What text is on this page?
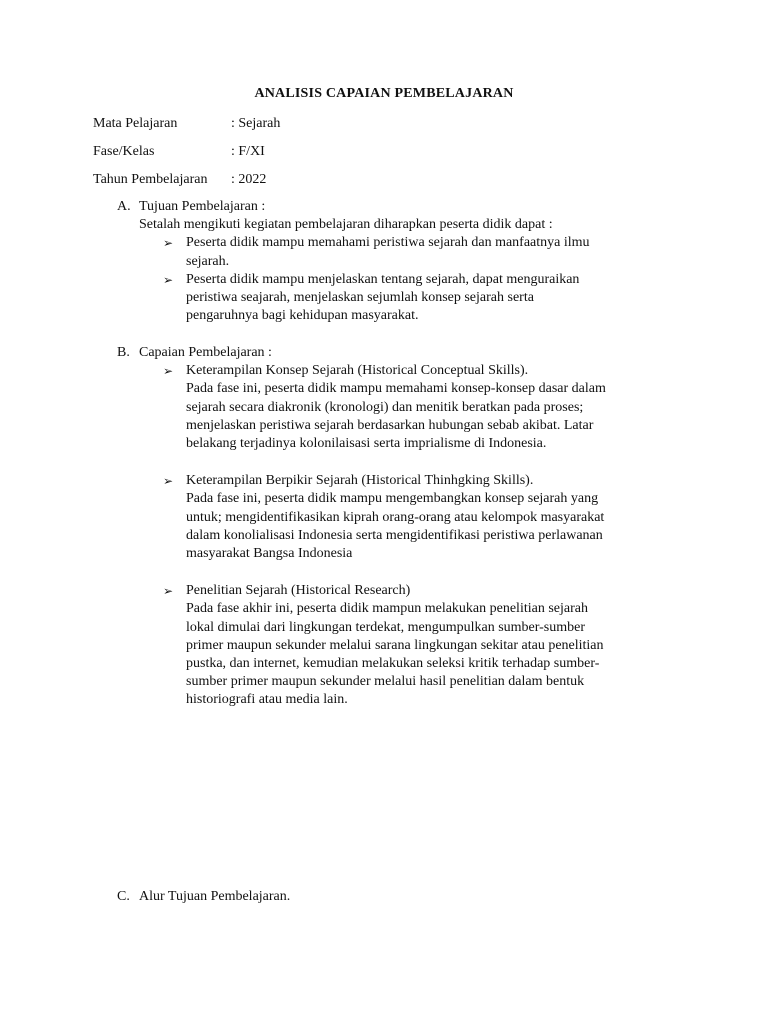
ANALISIS CAPAIAN PEMBELAJARAN
Mata Pelajaran	: Sejarah
Fase/Kelas	: F/XI
Tahun Pembelajaran : 2022
A. Tujuan Pembelajaran :
Setalah mengikuti kegiatan pembelajaran diharapkan peserta didik dapat :
➢ Peserta didik mampu memahami peristiwa sejarah dan manfaatnya ilmu sejarah.
➢ Peserta didik mampu menjelaskan tentang sejarah, dapat menguraikan peristiwa seajarah, menjelaskan sejumlah konsep sejarah serta pengaruhnya bagi kehidupan masyarakat.
B. Capaian Pembelajaran :
➢ Keterampilan Konsep Sejarah (Historical Conceptual Skills).
Pada fase ini, peserta didik mampu memahami konsep-konsep dasar dalam sejarah secara diakronik (kronologi) dan menitik beratkan pada proses; menjelaskan peristiwa sejarah berdasarkan hubungan sebab akibat. Latar belakang terjadinya kolonilaisasi serta imprialisme di Indonesia.
➢ Keterampilan Berpikir Sejarah (Historical Thinhgking Skills).
Pada fase ini, peserta didik mampu mengembangkan konsep sejarah yang untuk; mengidentifikasikan kiprah orang-orang atau kelompok masyarakat dalam konolialisasi Indonesia serta mengidentifikasi peristiwa perlawanan masyarakat Bangsa Indonesia
➢ Penelitian Sejarah (Historical Research)
Pada fase akhir ini, peserta didik mampun melakukan penelitian sejarah lokal dimulai dari lingkungan terdekat, mengumpulkan sumber-sumber primer maupun sekunder melalui sarana lingkungan sekitar atau penelitian pustka, dan internet, kemudian melakukan seleksi kritik terhadap sumber-sumber primer maupun sekunder melalui hasil penelitian dalam bentuk historiografi atau media lain.
C. Alur Tujuan Pembelajaran.
